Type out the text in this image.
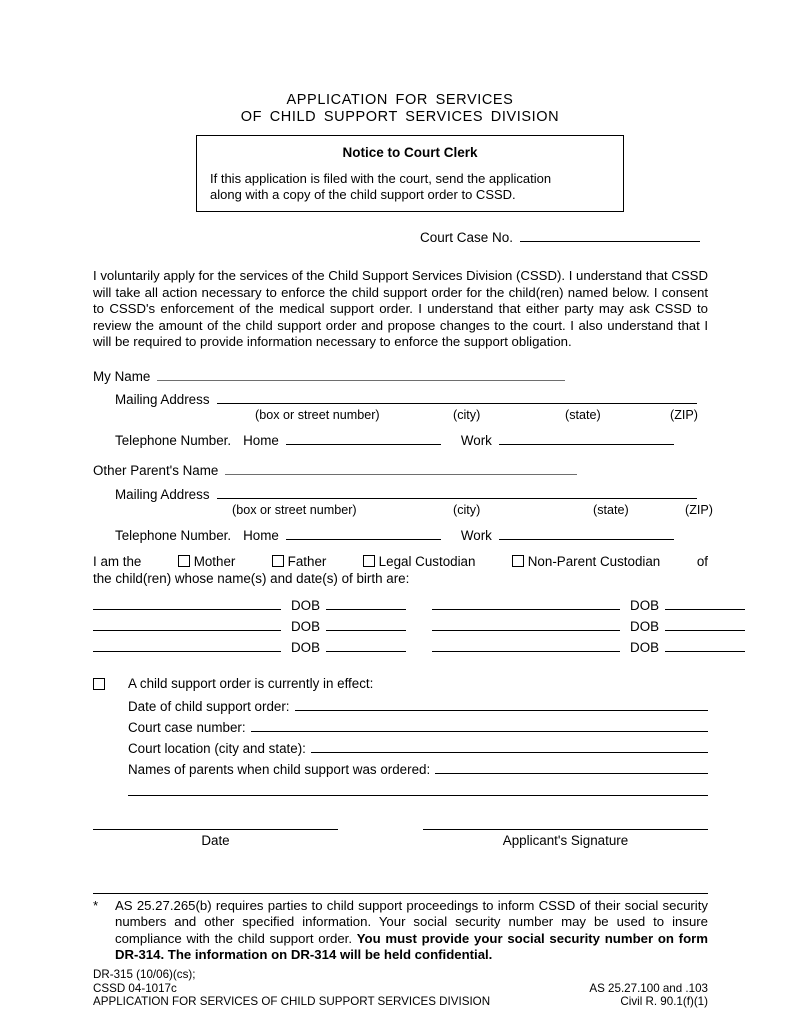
APPLICATION FOR SERVICES
OF CHILD SUPPORT SERVICES DIVISION
Notice to Court Clerk
If this application is filed with the court, send the application
along with a copy of the child support order to CSSD.
Court Case No.
I voluntarily apply for the services of the Child Support Services Division (CSSD). I understand that CSSD will take all action necessary to enforce the child support order for the child(ren) named below. I consent to CSSD's enforcement of the medical support order. I understand that either party may ask CSSD to review the amount of the child support order and propose changes to the court. I also understand that I will be required to provide information necessary to enforce the support obligation.
My Name
Mailing Address
(box or street number)	(city)	(state)	(ZIP)
Telephone Number. Home	Work
Other Parent's Name
Mailing Address
(box or street number)	(city)	(state)	(ZIP)
Telephone Number. Home	Work
I am the	Mother	Father	Legal Custodian	Non-Parent Custodian	of
the child(ren) whose name(s) and date(s) of birth are:
DOB	DOB
DOB	DOB
DOB	DOB
A child support order is currently in effect:
Date of child support order:
Court case number:
Court location (city and state):
Names of parents when child support was ordered:
Date	Applicant's Signature
* AS 25.27.265(b) requires parties to child support proceedings to inform CSSD of their social security numbers and other specified information. Your social security number may be used to insure compliance with the child support order. You must provide your social security number on form DR-314. The information on DR-314 will be held confidential.
DR-315 (10/06)(cs);
CSSD 04-1017c	AS 25.27.100 and .103
APPLICATION FOR SERVICES OF CHILD SUPPORT SERVICES DIVISION	Civil R. 90.1(f)(1)
